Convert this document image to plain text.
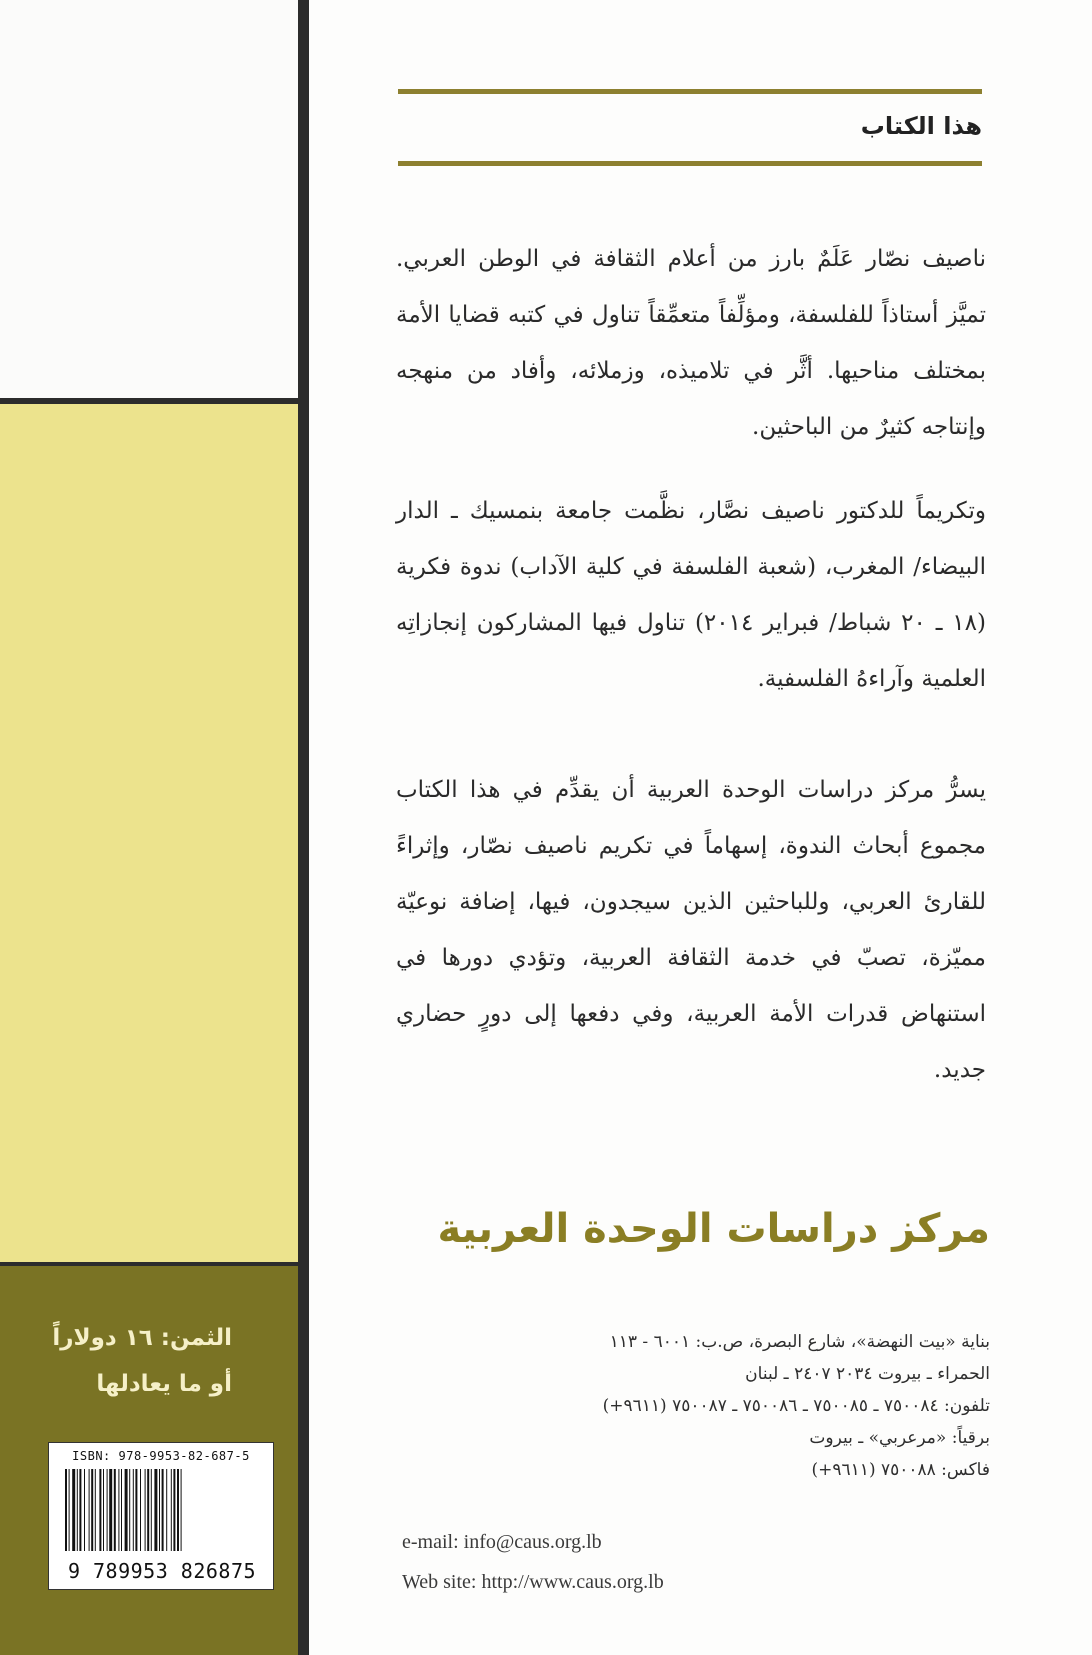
الثمن: ١٦ دولاراً
أو ما يعادلها
ISBN: 978-9953-82-687-5
9 789953 826875
هذا الكتاب

ناصيف نصّار عَلَمٌ بارز من أعلام الثقافة في الوطن العربي. تميَّز أستاذاً للفلسفة، ومؤلِّفاً متعمِّقاً تناول في كتبه قضايا الأمة بمختلف مناحيها. أثَّر في تلاميذه، وزملائه، وأفاد من منهجه وإنتاجه كثيرٌ من الباحثين.

وتكريماً للدكتور ناصيف نصَّار، نظَّمت جامعة بنمسيك ـ الدار البيضاء/ المغرب، (شعبة الفلسفة في كلية الآداب) ندوة فكرية (١٨ ـ ٢٠ شباط/ فبراير ٢٠١٤) تناول فيها المشاركون إنجازاتِه العلمية وآراءهُ الفلسفية.

يسرُّ مركز دراسات الوحدة العربية أن يقدِّم في هذا الكتاب مجموع أبحاث الندوة، إسهاماً في تكريم ناصيف نصّار، وإثراءً للقارئ العربي، وللباحثين الذين سيجدون، فيها، إضافة نوعيّة مميّزة، تصبّ في خدمة الثقافة العربية، وتؤدي دورها في استنهاض قدرات الأمة العربية، وفي دفعها إلى دورٍ حضاري جديد.

مركز دراسات الوحدة العربية
بناية «بيت النهضة»، شارع البصرة، ص.ب: ٦٠٠١ - ١١٣
الحمراء ـ بيروت ٢٠٣٤ ٢٤٠٧ ـ لبنان
تلفون: ٧٥٠٠٨٤ ـ ٧٥٠٠٨٥ ـ ٧٥٠٠٨٦ ـ ٧٥٠٠٨٧ (٩٦١١+)
برقياً: «مرعربي» ـ بيروت
فاكس: ٧٥٠٠٨٨ (٩٦١١+)
e-mail: info@caus.org.lb
Web site: http://www.caus.org.lb
